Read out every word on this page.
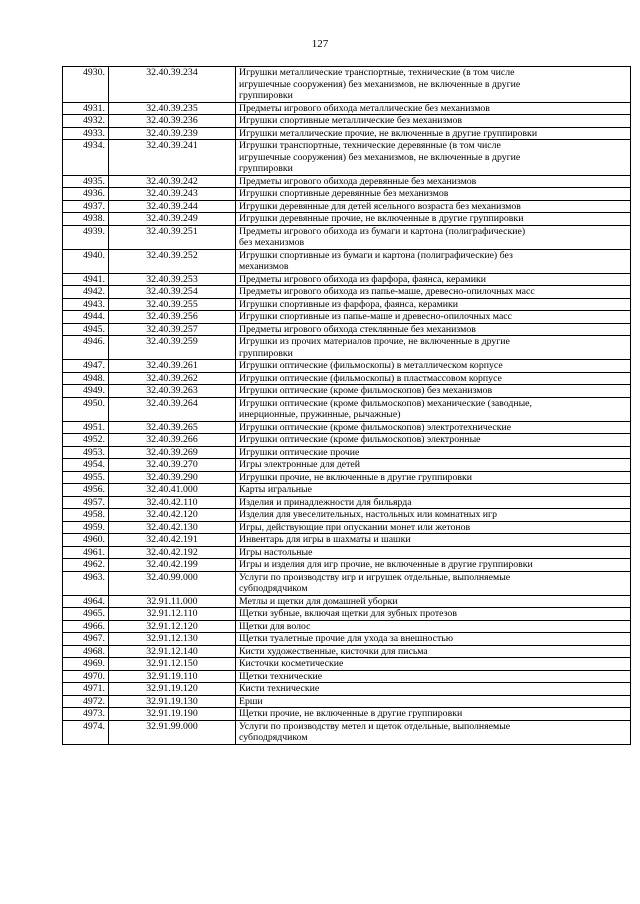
127
4930.	32.40.39.234	Игрушки металлические транспортные, технические (в том числе
игрушечные сооружения) без механизмов, не включенные в другие
группировки
4931.	32.40.39.235	Предметы игрового обихода металлические без механизмов
4932.	32.40.39.236	Игрушки спортивные металлические без механизмов
4933.	32.40.39.239	Игрушки металлические прочие, не включенные в другие группировки
4934.	32.40.39.241	Игрушки транспортные, технические деревянные (в том числе
игрушечные сооружения) без механизмов, не включенные в другие
группировки
4935.	32.40.39.242	Предметы игрового обихода деревянные без механизмов
4936.	32.40.39.243	Игрушки спортивные деревянные без механизмов
4937.	32.40.39.244	Игрушки деревянные для детей ясельного возраста без механизмов
4938.	32.40.39.249	Игрушки деревянные прочие, не включенные в другие группировки
4939.	32.40.39.251	Предметы игрового обихода из бумаги и картона (полиграфические)
без механизмов
4940.	32.40.39.252	Игрушки спортивные из бумаги и картона (полиграфические) без
механизмов
4941.	32.40.39.253	Предметы игрового обихода из фарфора, фаянса, керамики
4942.	32.40.39.254	Предметы игрового обихода из папье-маше, древесно-опилочных масс
4943.	32.40.39.255	Игрушки спортивные из фарфора, фаянса, керамики
4944.	32.40.39.256	Игрушки спортивные из папье-маше и древесно-опилочных масс
4945.	32.40.39.257	Предметы игрового обихода стеклянные без механизмов
4946.	32.40.39.259	Игрушки из прочих материалов прочие, не включенные в другие
группировки
4947.	32.40.39.261	Игрушки оптические (фильмоскопы) в металлическом корпусе
4948.	32.40.39.262	Игрушки оптические (фильмоскопы) в пластмассовом корпусе
4949.	32.40.39.263	Игрушки оптические (кроме фильмоскопов) без механизмов
4950.	32.40.39.264	Игрушки оптические (кроме фильмоскопов) механические (заводные,
инерционные, пружинные, рычажные)
4951.	32.40.39.265	Игрушки оптические (кроме фильмоскопов) электротехнические
4952.	32.40.39.266	Игрушки оптические (кроме фильмоскопов) электронные
4953.	32.40.39.269	Игрушки оптические прочие
4954.	32.40.39.270	Игры электронные для детей
4955.	32.40.39.290	Игрушки прочие, не включенные в другие группировки
4956.	32.40.41.000	Карты игральные
4957.	32.40.42.110	Изделия и принадлежности для бильярда
4958.	32.40.42.120	Изделия для увеселительных, настольных или комнатных игр
4959.	32.40.42.130	Игры, действующие при опускании монет или жетонов
4960.	32.40.42.191	Инвентарь для игры в шахматы и шашки
4961.	32.40.42.192	Игры настольные
4962.	32.40.42.199	Игры и изделия для игр прочие, не включенные в другие группировки
4963.	32.40.99.000	Услуги по производству игр и игрушек отдельные, выполняемые
субподрядчиком
4964.	32.91.11.000	Метлы и щетки для домашней уборки
4965.	32.91.12.110	Щетки зубные, включая щетки для зубных протезов
4966.	32.91.12.120	Щетки для волос
4967.	32.91.12.130	Щетки туалетные прочие для ухода за внешностью
4968.	32.91.12.140	Кисти художественные, кисточки для письма
4969.	32.91.12.150	Кисточки косметические
4970.	32.91.19.110	Щетки технические
4971.	32.91.19.120	Кисти технические
4972.	32.91.19.130	Ерши
4973.	32.91.19.190	Щетки прочие, не включенные в другие группировки
4974.	32.91.99.000	Услуги по производству метел и щеток отдельные, выполняемые
субподрядчиком
